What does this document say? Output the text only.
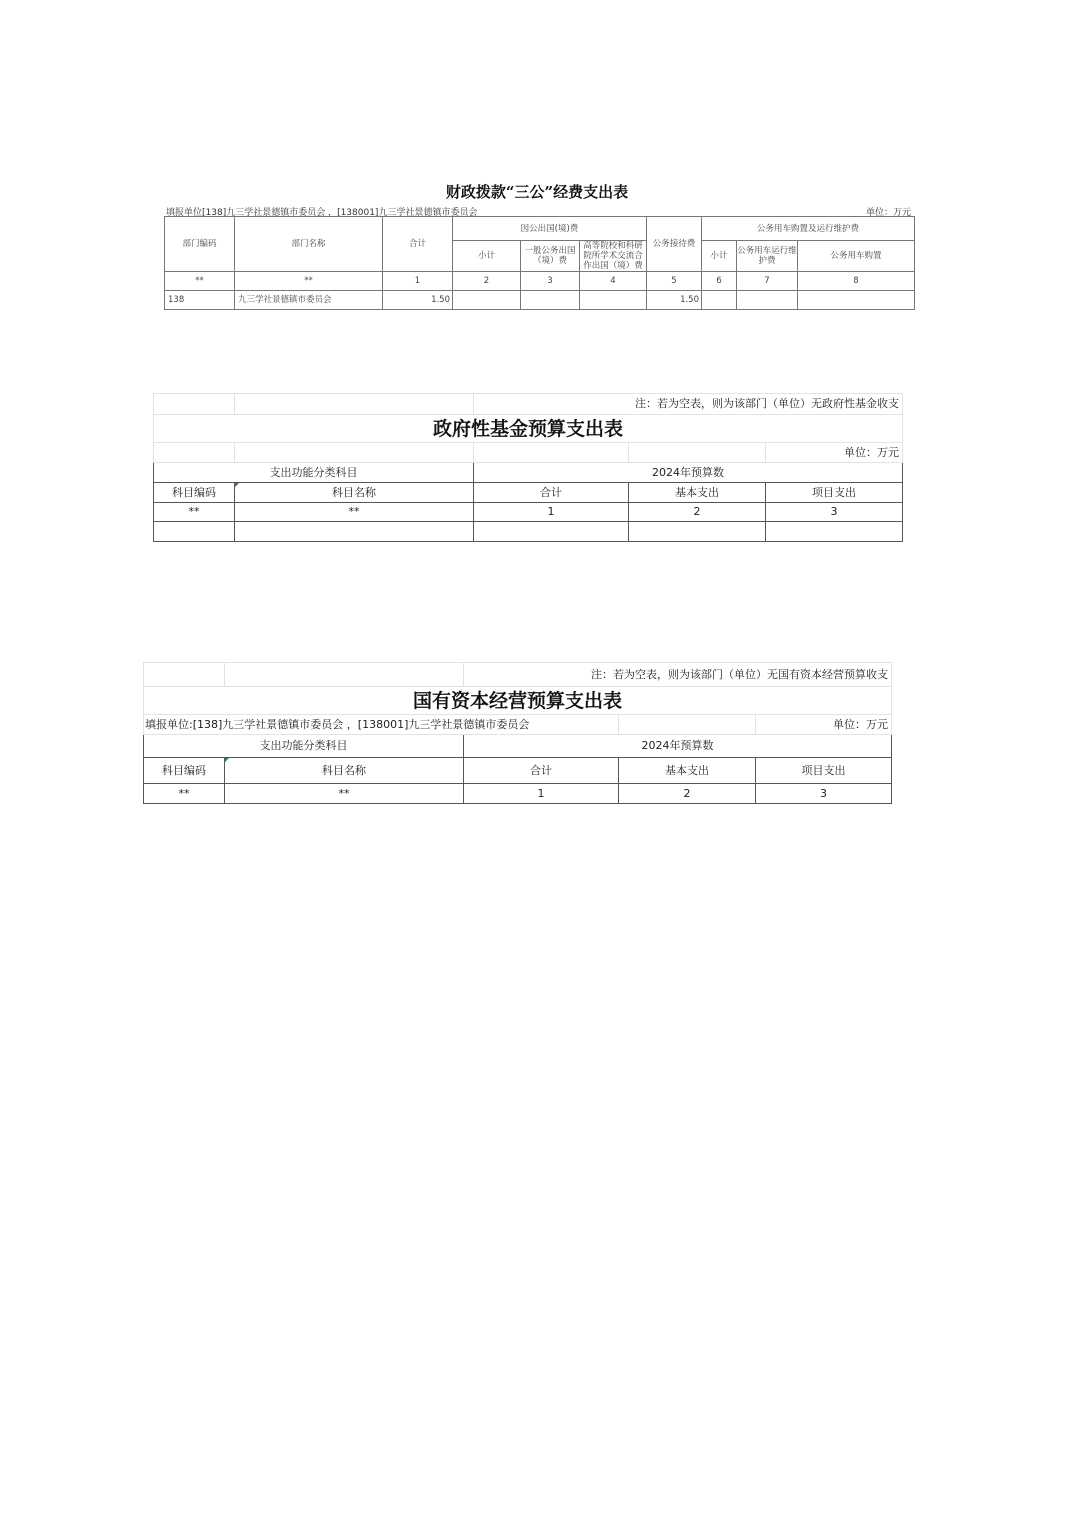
财政拨款“三公”经费支出表
填报单位[138]九三学社景德镇市委员会 ，[138001]九三学社景德镇市委员会	单位：万元
部门编码	部门名称	合计	因公出国(境)费			公务接待费	公务用车购置及运行维护费		
			小计	一般公务出国（境）费	高等院校和科研院所学术交流合作出国（境）费		小计	公务用车运行维护费	公务用车购置
**	**	1	2	3	4	5	6	7	8
138	九三学社景德镇市委员会	1.50				1.50			
		注：若为空表，则为该部门（单位）无政府性基金收支		
政府性基金预算支出表				
				单位：万元
支出功能分类科目		2024年预算数		
科目编码	科目名称	合计	基本支出	项目支出
**	**	1	2	3

		注：若为空表，则为该部门（单位）无国有资本经营预算收支		
国有资本经营预算支出表				
填报单位:[138]九三学社景德镇市委员会 ，[138001]九三学社景德镇市委员会				单位：万元
支出功能分类科目		2024年预算数		
科目编码	科目名称	合计	基本支出	项目支出
**	**	1	2	3
